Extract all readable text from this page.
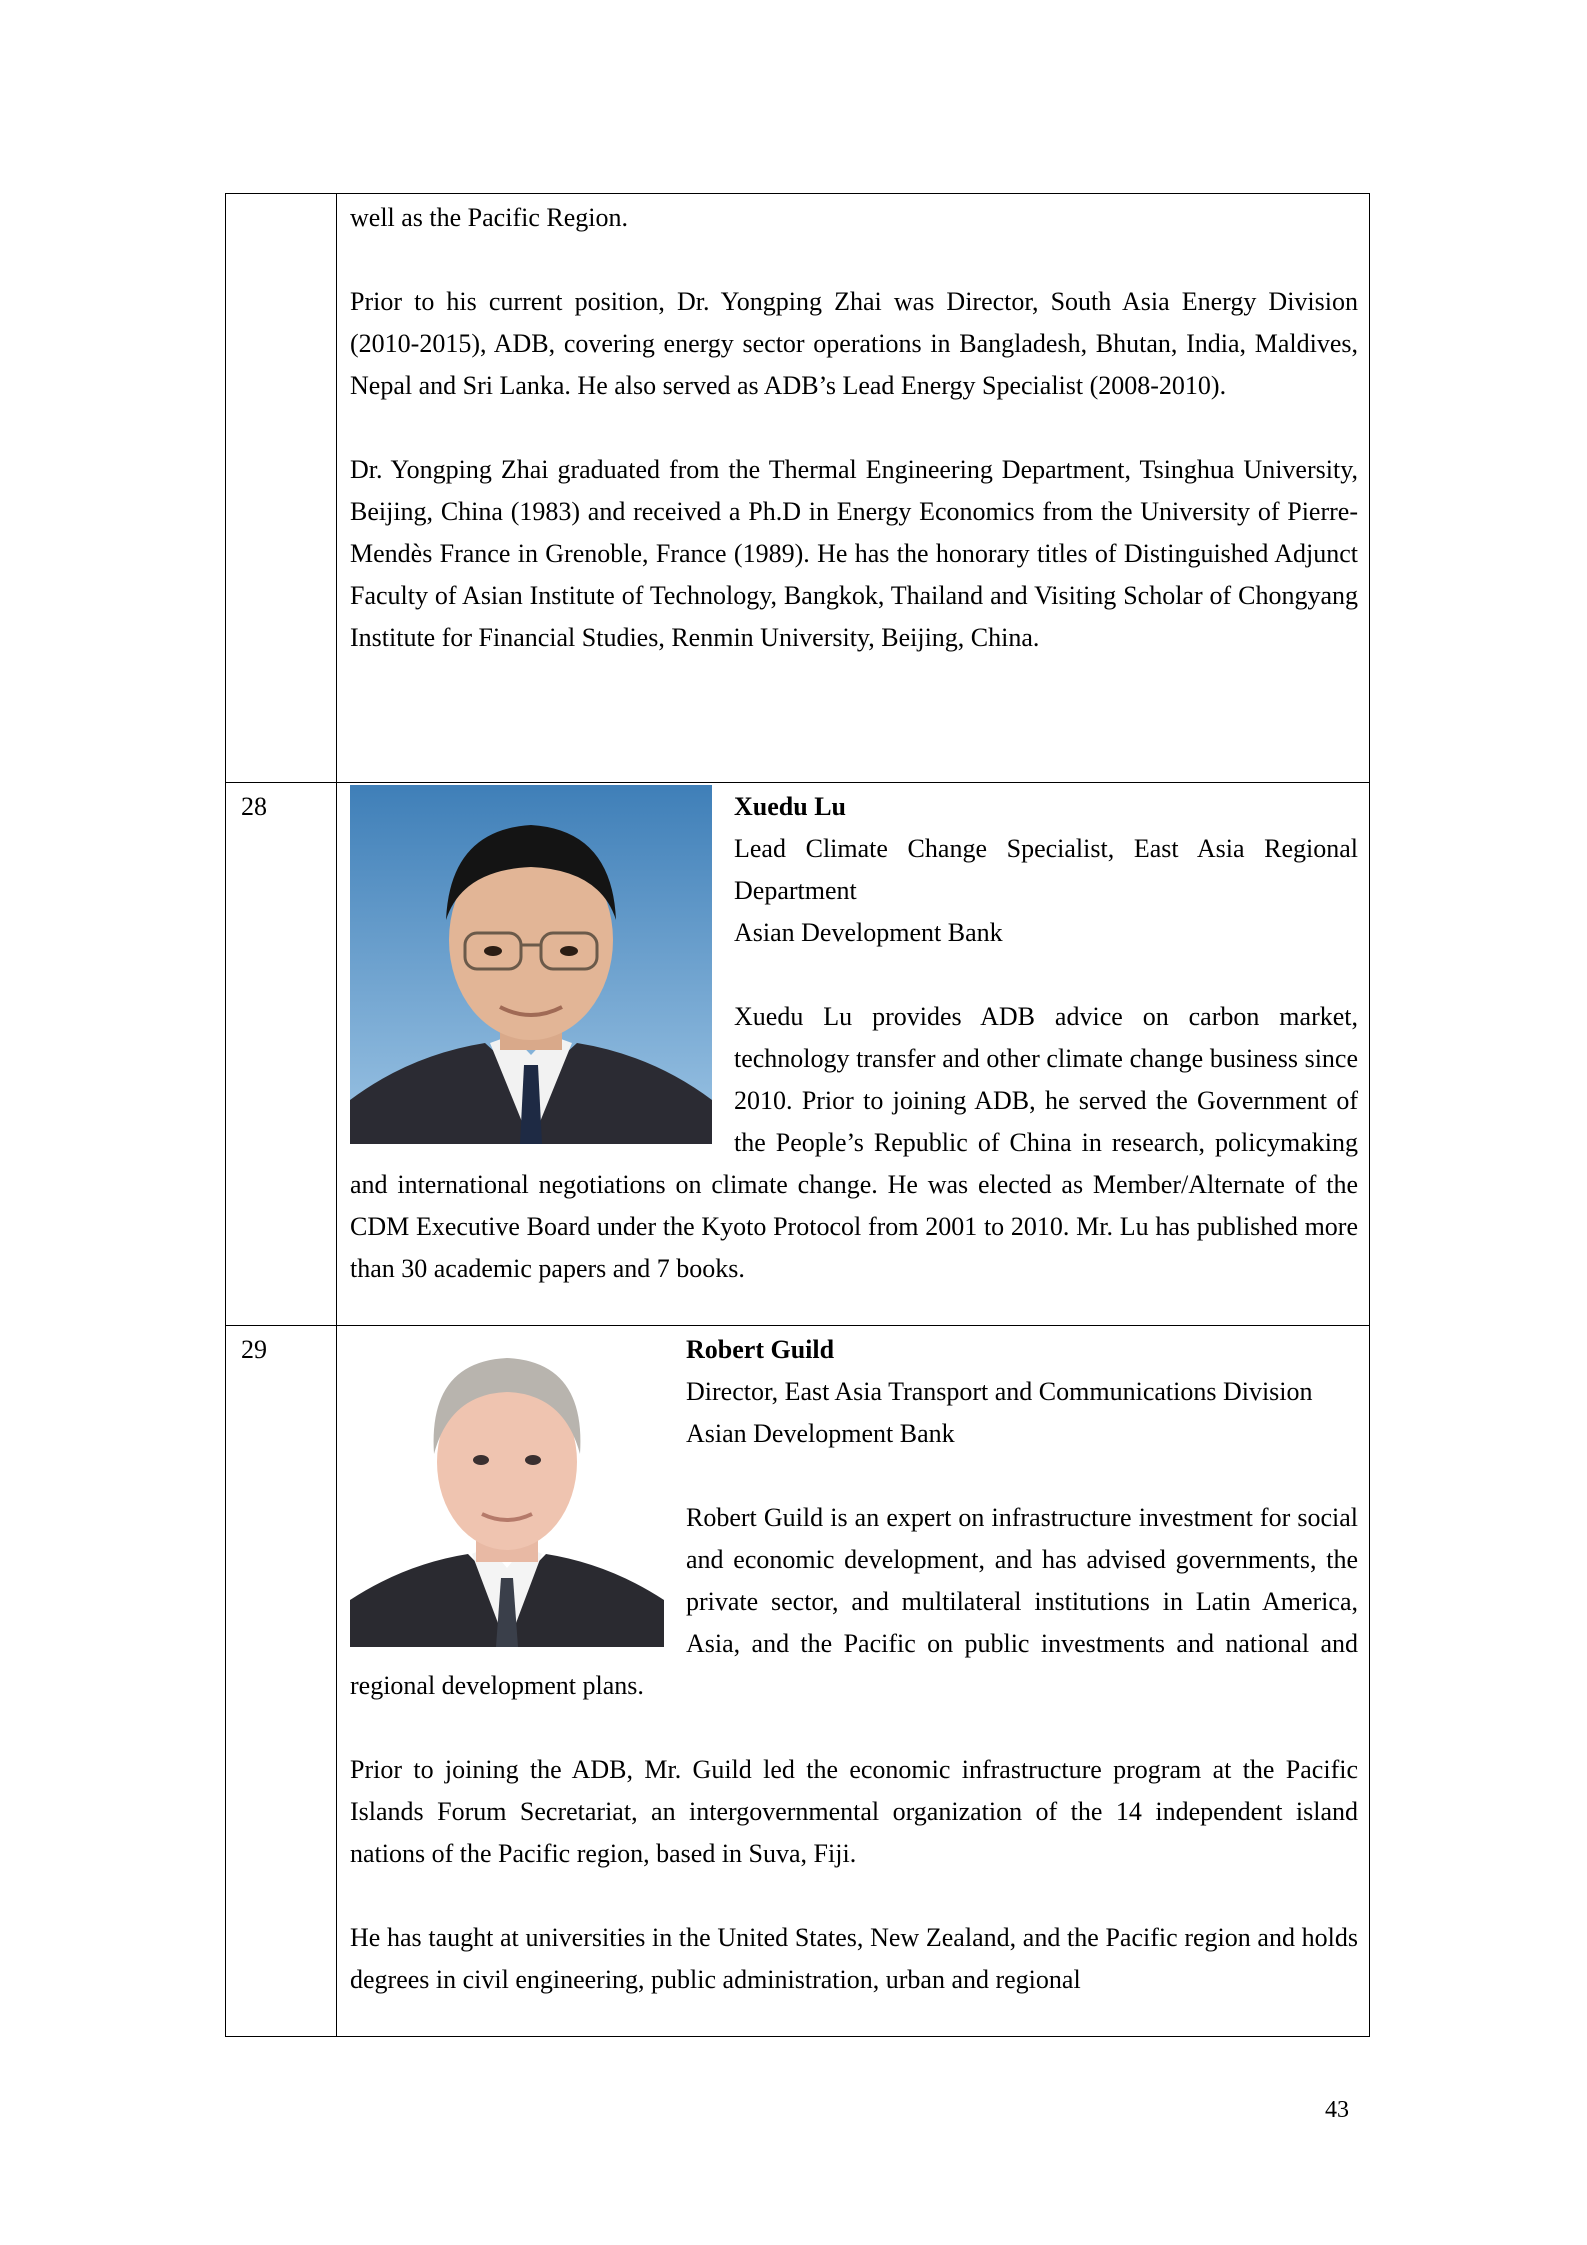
well as the Pacific Region.

Prior to his current position, Dr. Yongping Zhai was Director, South Asia Energy Division (2010-2015), ADB, covering energy sector operations in Bangladesh, Bhutan, India, Maldives, Nepal and Sri Lanka. He also served as ADB’s Lead Energy Specialist (2008-2010).

Dr. Yongping Zhai graduated from the Thermal Engineering Department, Tsinghua University, Beijing, China (1983) and received a Ph.D in Energy Economics from the University of Pierre-Mendès France in Grenoble, France (1989). He has the honorary titles of Distinguished Adjunct Faculty of Asian Institute of Technology, Bangkok, Thailand and Visiting Scholar of Chongyang Institute for Financial Studies, Renmin University, Beijing, China.

28	Xuedu Lu

Lead Climate Change Specialist, East Asia Regional Department

Asian Development Bank

Xuedu Lu provides ADB advice on carbon market, technology transfer and other climate change business since 2010. Prior to joining ADB, he served the Government of the People’s Republic of China in research, policymaking and international negotiations on climate change. He was elected as Member/Alternate of the CDM Executive Board under the Kyoto Protocol from 2001 to 2010. Mr. Lu has published more than 30 academic papers and 7 books.

29	Robert Guild

Director, East Asia Transport and Communications Division

Asian Development Bank

Robert Guild is an expert on infrastructure investment for social and economic development, and has advised governments, the private sector, and multilateral institutions in Latin America, Asia, and the Pacific on public investments and national and regional development plans.

Prior to joining the ADB, Mr. Guild led the economic infrastructure program at the Pacific Islands Forum Secretariat, an intergovernmental organization of the 14 independent island nations of the Pacific region, based in Suva, Fiji.

He has taught at universities in the United States, New Zealand, and the Pacific region and holds degrees in civil engineering, public administration, urban and regional

43
